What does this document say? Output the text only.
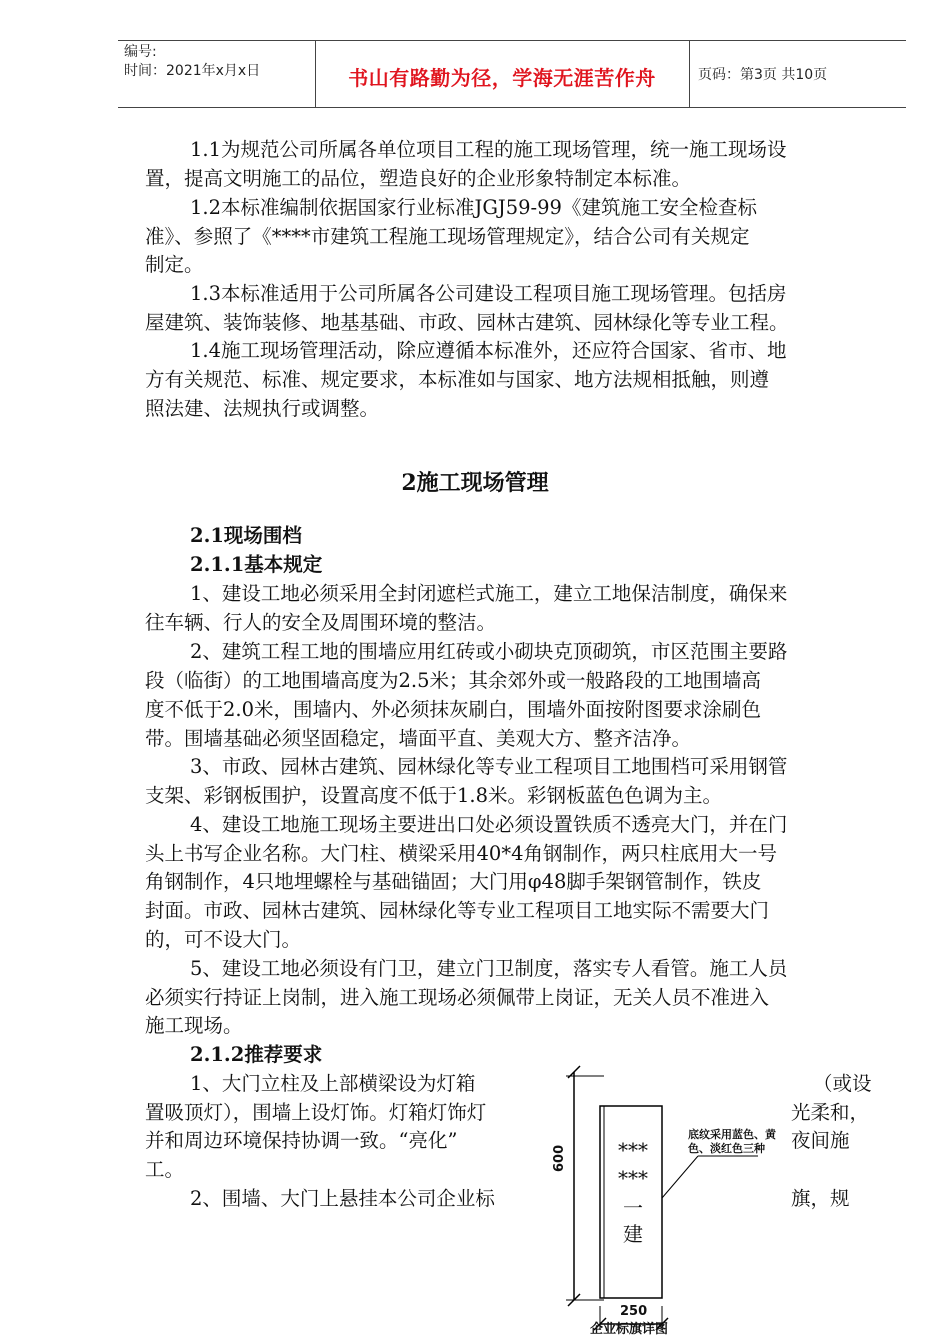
编号:
时间：2021年x月x日	书山有路勤为径，学海无涯苦作舟	页码：第3页 共10页
1.1为规范公司所属各单位项目工程的施工现场管理，统一施工现场设
置，提高文明施工的品位，塑造良好的企业形象特制定本标准。
1.2本标准编制依据国家行业标准JGJ59-99《建筑施工安全检查标
准》、参照了《****市建筑工程施工现场管理规定》，结合公司有关规定
制定。
1.3本标准适用于公司所属各公司建设工程项目施工现场管理。包括房
屋建筑、装饰装修、地基基础、市政、园林古建筑、园林绿化等专业工程。
1.4施工现场管理活动，除应遵循本标准外，还应符合国家、省市、地
方有关规范、标准、规定要求，本标准如与国家、地方法规相抵触，则遵
照法建、法规执行或调整。
2施工现场管理
2.1现场围档
2.1.1基本规定
1、建设工地必须采用全封闭遮栏式施工，建立工地保洁制度，确保来
往车辆、行人的安全及周围环境的整洁。
2、建筑工程工地的围墙应用红砖或小砌块克顶砌筑，市区范围主要路
段（临街）的工地围墙高度为2.5米；其余郊外或一般路段的工地围墙高
度不低于2.0米，围墙内、外必须抹灰刷白，围墙外面按附图要求涂刷色
带。围墙基础必须坚固稳定，墙面平直、美观大方、整齐洁净。
3、市政、园林古建筑、园林绿化等专业工程项目工地围档可采用钢管
支架、彩钢板围护，设置高度不低于1.8米。彩钢板蓝色色调为主。
4、建设工地施工现场主要进出口处必须设置铁质不透亮大门，并在门
头上书写企业名称。大门柱、横梁采用40*4角钢制作，两只柱底用大一号
角钢制作，4只地埋螺栓与基础锚固；大门用φ48脚手架钢管制作，铁皮
封面。市政、园林古建筑、园林绿化等专业工程项目工地实际不需要大门
的，可不设大门。
5、建设工地必须设有门卫，建立门卫制度，落实专人看管。施工人员
必须实行持证上岗制，进入施工现场必须佩带上岗证，无关人员不准进入
施工现场。
2.1.2推荐要求
1、大门立柱及上部横梁设为灯箱
置吸顶灯），围墙上设灯饰。灯箱灯饰灯
并和周边环境保持协调一致。“亮化”
工。
2、围墙、大门上悬挂本公司企业标
（或设
光柔和，
夜间施
旗，规
600
250
***
***
一
建
底纹采用蓝色、黄色、淡红色三种
企业标旗详图
